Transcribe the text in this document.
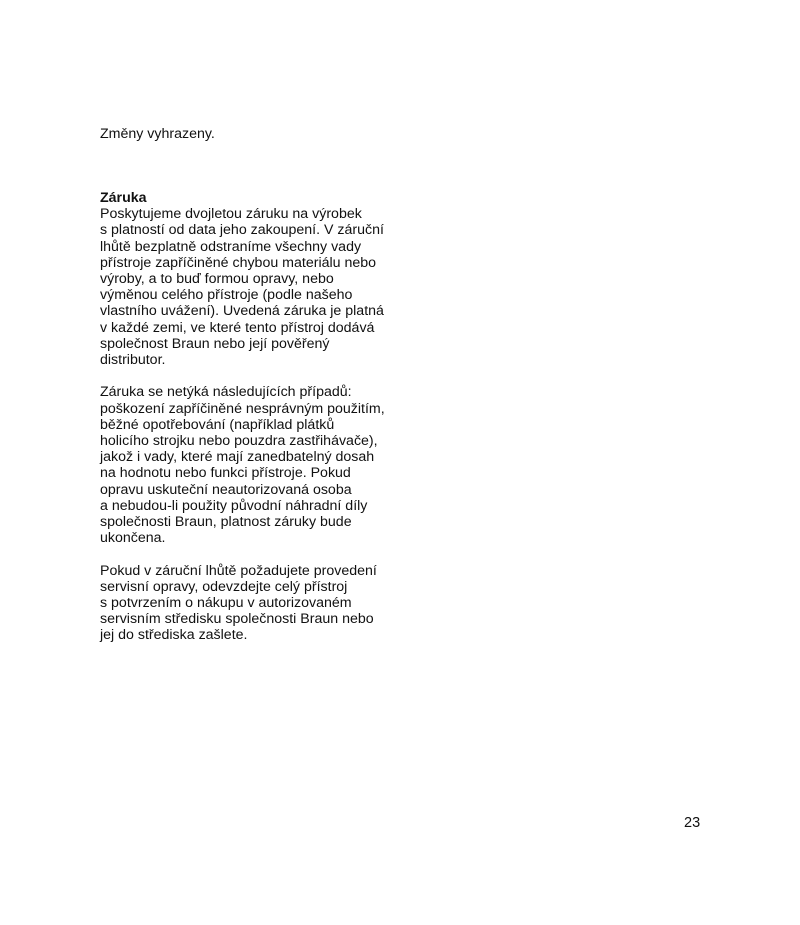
Změny vyhrazeny.
Záruka
Poskytujeme dvojletou záruku na výrobek
s platností od data jeho zakoupení. V záruční
lhůtě bezplatně odstraníme všechny vady
přístroje zapříčiněné chybou materiálu nebo
výroby, a to buď formou opravy, nebo
výměnou celého přístroje (podle našeho
vlastního uvážení). Uvedená záruka je platná
v každé zemi, ve které tento přístroj dodává
společnost Braun nebo její pověřený
distributor.
Záruka se netýká následujících případů:
poškození zapříčiněné nesprávným použitím,
běžné opotřebování (například plátků
holicího strojku nebo pouzdra zastřihávače),
jakož i vady, které mají zanedbatelný dosah
na hodnotu nebo funkci přístroje. Pokud
opravu uskuteční neautorizovaná osoba
a nebudou-li použity původní náhradní díly
společnosti Braun, platnost záruky bude
ukončena.
Pokud v záruční lhůtě požadujete provedení
servisní opravy, odevzdejte celý přístroj
s potvrzením o nákupu v autorizovaném
servisním středisku společnosti Braun nebo
jej do střediska zašlete.
23
